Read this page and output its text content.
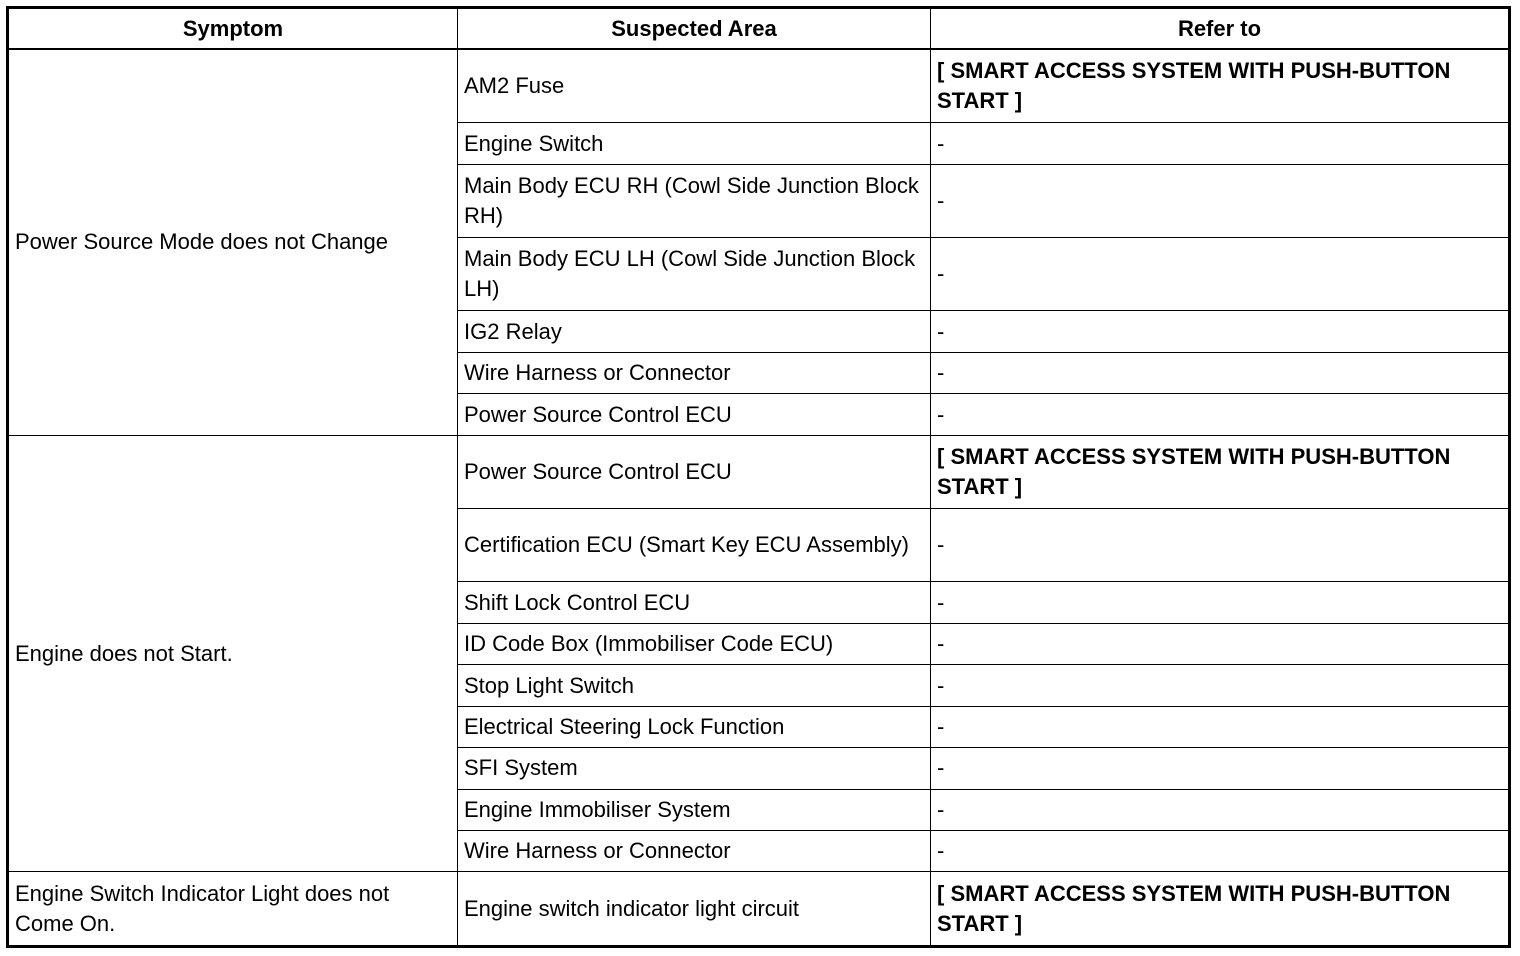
Symptom	Suspected Area	Refer to
Power Source Mode does not Change	AM2 Fuse	[ SMART ACCESS SYSTEM WITH PUSH-BUTTON START ]
	Engine Switch	-
	Main Body ECU RH (Cowl Side Junction Block RH)	-
	Main Body ECU LH (Cowl Side Junction Block LH)	-
	IG2 Relay	-
	Wire Harness or Connector	-
	Power Source Control ECU	-
Engine does not Start.	Power Source Control ECU	[ SMART ACCESS SYSTEM WITH PUSH-BUTTON START ]
	Certification ECU (Smart Key ECU Assembly)	-
	Shift Lock Control ECU	-
	ID Code Box (Immobiliser Code ECU)	-
	Stop Light Switch	-
	Electrical Steering Lock Function	-
	SFI System	-
	Engine Immobiliser System	-
	Wire Harness or Connector	-
Engine Switch Indicator Light does not Come On.	Engine switch indicator light circuit	[ SMART ACCESS SYSTEM WITH PUSH-BUTTON START ]
